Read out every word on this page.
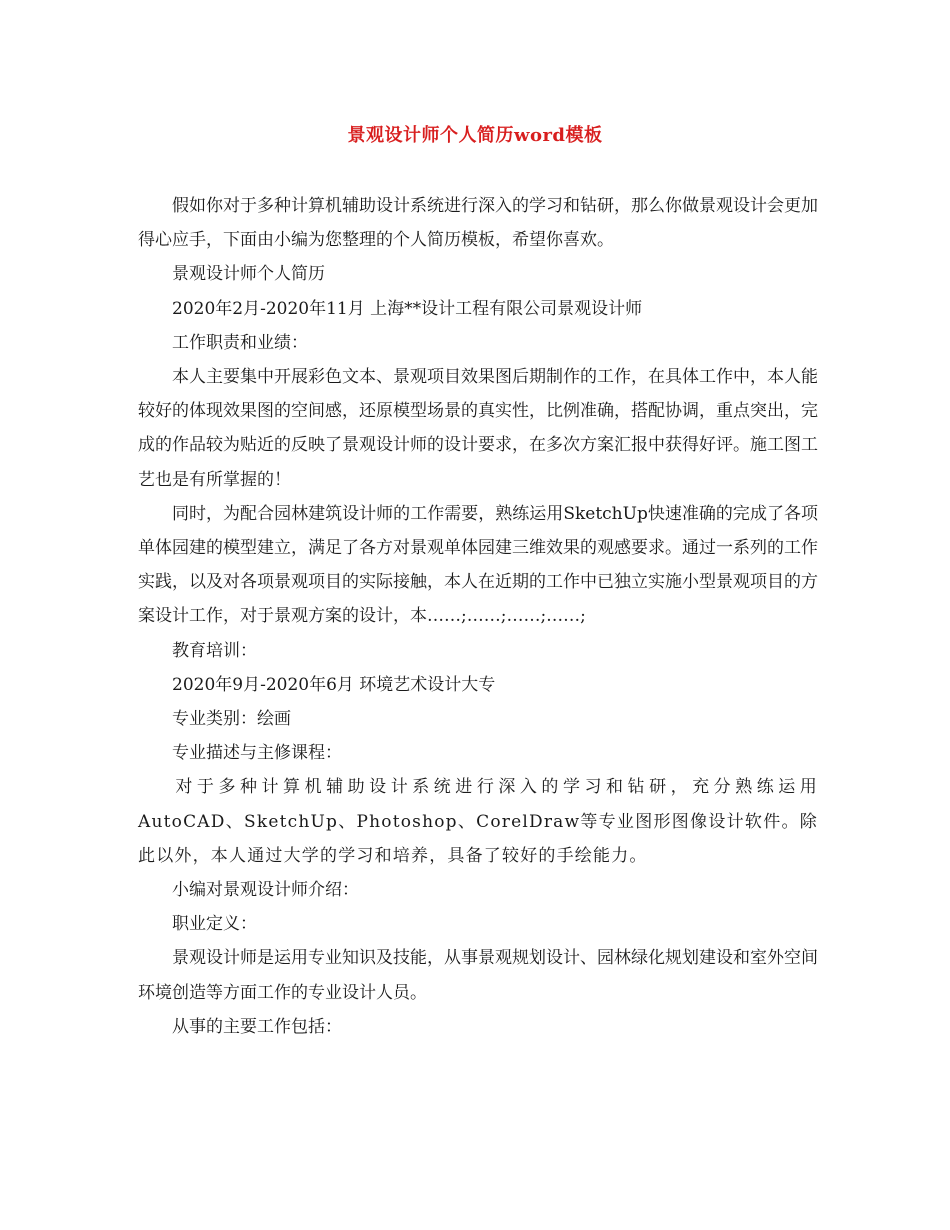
景观设计师个人简历word模板

假如你对于多种计算机辅助设计系统进行深入的学习和钻研，那么你做景观设计会更加得心应手，下面由小编为您整理的个人简历模板，希望你喜欢。

景观设计师个人简历

2020年2月-2020年11月 上海**设计工程有限公司景观设计师

工作职责和业绩：

本人主要集中开展彩色文本、景观项目效果图后期制作的工作，在具体工作中，本人能较好的体现效果图的空间感，还原模型场景的真实性，比例准确，搭配协调，重点突出，完成的作品较为贴近的反映了景观设计师的设计要求，在多次方案汇报中获得好评。施工图工艺也是有所掌握的！

同时，为配合园林建筑设计师的工作需要，熟练运用SketchUp快速准确的完成了各项单体园建的模型建立，满足了各方对景观单体园建三维效果的观感要求。通过一系列的工作实践，以及对各项景观项目的实际接触，本人在近期的工作中已独立实施小型景观项目的方案设计工作，对于景观方案的设计，本……;……;……;……;

教育培训：

2020年9月-2020年6月 环境艺术设计大专

专业类别：绘画

专业描述与主修课程：

对于多种计算机辅助设计系统进行深入的学习和钻研，充分熟练运用AutoCAD、SketchUp、Photoshop、CorelDraw等专业图形图像设计软件。除此以外，本人通过大学的学习和培养，具备了较好的手绘能力。

小编对景观设计师介绍：

职业定义：

景观设计师是运用专业知识及技能，从事景观规划设计、园林绿化规划建设和室外空间环境创造等方面工作的专业设计人员。

从事的主要工作包括：
